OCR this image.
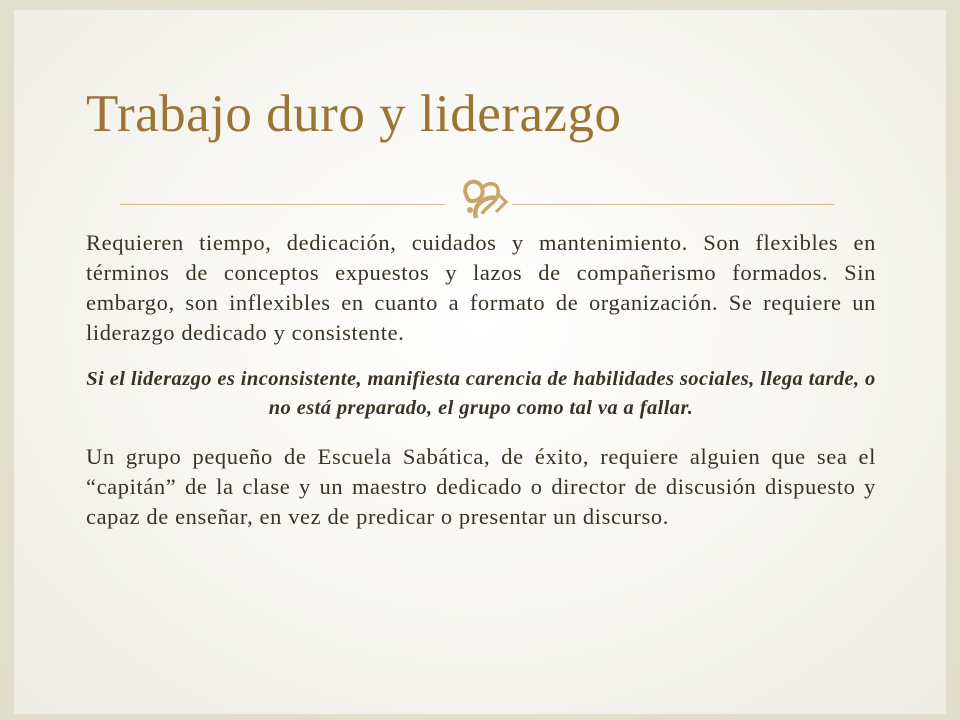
Trabajo duro y liderazgo

Requieren tiempo, dedicación, cuidados y mantenimiento. Son flexibles en términos de conceptos expuestos y lazos de compañerismo formados. Sin embargo, son inflexibles en cuanto a formato de organización. Se requiere un liderazgo dedicado y consistente.

Si el liderazgo es inconsistente, manifiesta carencia de habilidades sociales, llega tarde, o no está preparado, el grupo como tal va a fallar.

Un grupo pequeño de Escuela Sabática, de éxito, requiere alguien que sea el “capitán” de la clase y un maestro dedicado o director de discusión dispuesto y capaz de enseñar, en vez de predicar o presentar un discurso.
